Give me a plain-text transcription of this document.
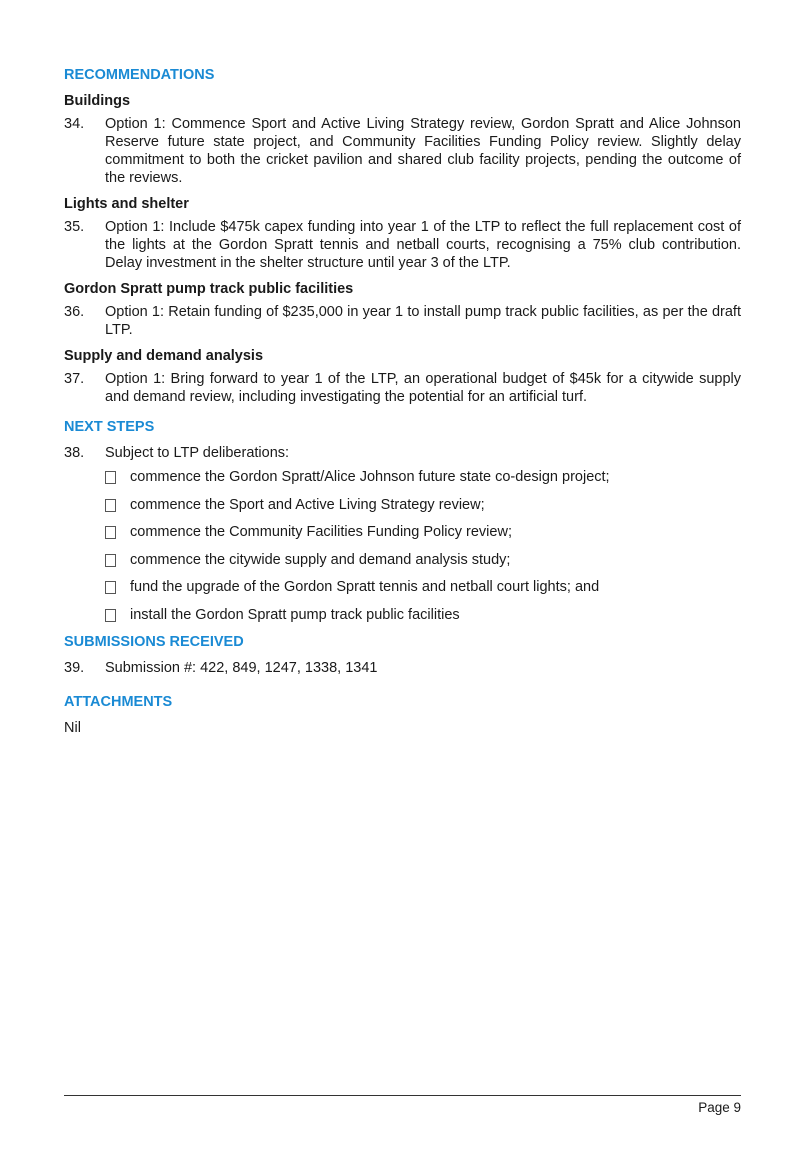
RECOMMENDATIONS
Buildings
34.	Option 1: Commence Sport and Active Living Strategy review, Gordon Spratt and Alice Johnson Reserve future state project, and Community Facilities Funding Policy review. Slightly delay commitment to both the cricket pavilion and shared club facility projects, pending the outcome of the reviews.
Lights and shelter
35.	Option 1: Include $475k capex funding into year 1 of the LTP to reflect the full replacement cost of the lights at the Gordon Spratt tennis and netball courts, recognising a 75% club contribution. Delay investment in the shelter structure until year 3 of the LTP.
Gordon Spratt pump track public facilities
36.	Option 1: Retain funding of $235,000 in year 1 to install pump track public facilities, as per the draft LTP.
Supply and demand analysis
37.	Option 1: Bring forward to year 1 of the LTP, an operational budget of $45k for a citywide supply and demand review, including investigating the potential for an artificial turf.
NEXT STEPS
38.	Subject to LTP deliberations:
commence the Gordon Spratt/Alice Johnson future state co-design project;
commence the Sport and Active Living Strategy review;
commence the Community Facilities Funding Policy review;
commence the citywide supply and demand analysis study;
fund the upgrade of the Gordon Spratt tennis and netball court lights; and
install the Gordon Spratt pump track public facilities
SUBMISSIONS RECEIVED
39.	Submission #: 422, 849, 1247, 1338, 1341
ATTACHMENTS

Nil

Page 9
